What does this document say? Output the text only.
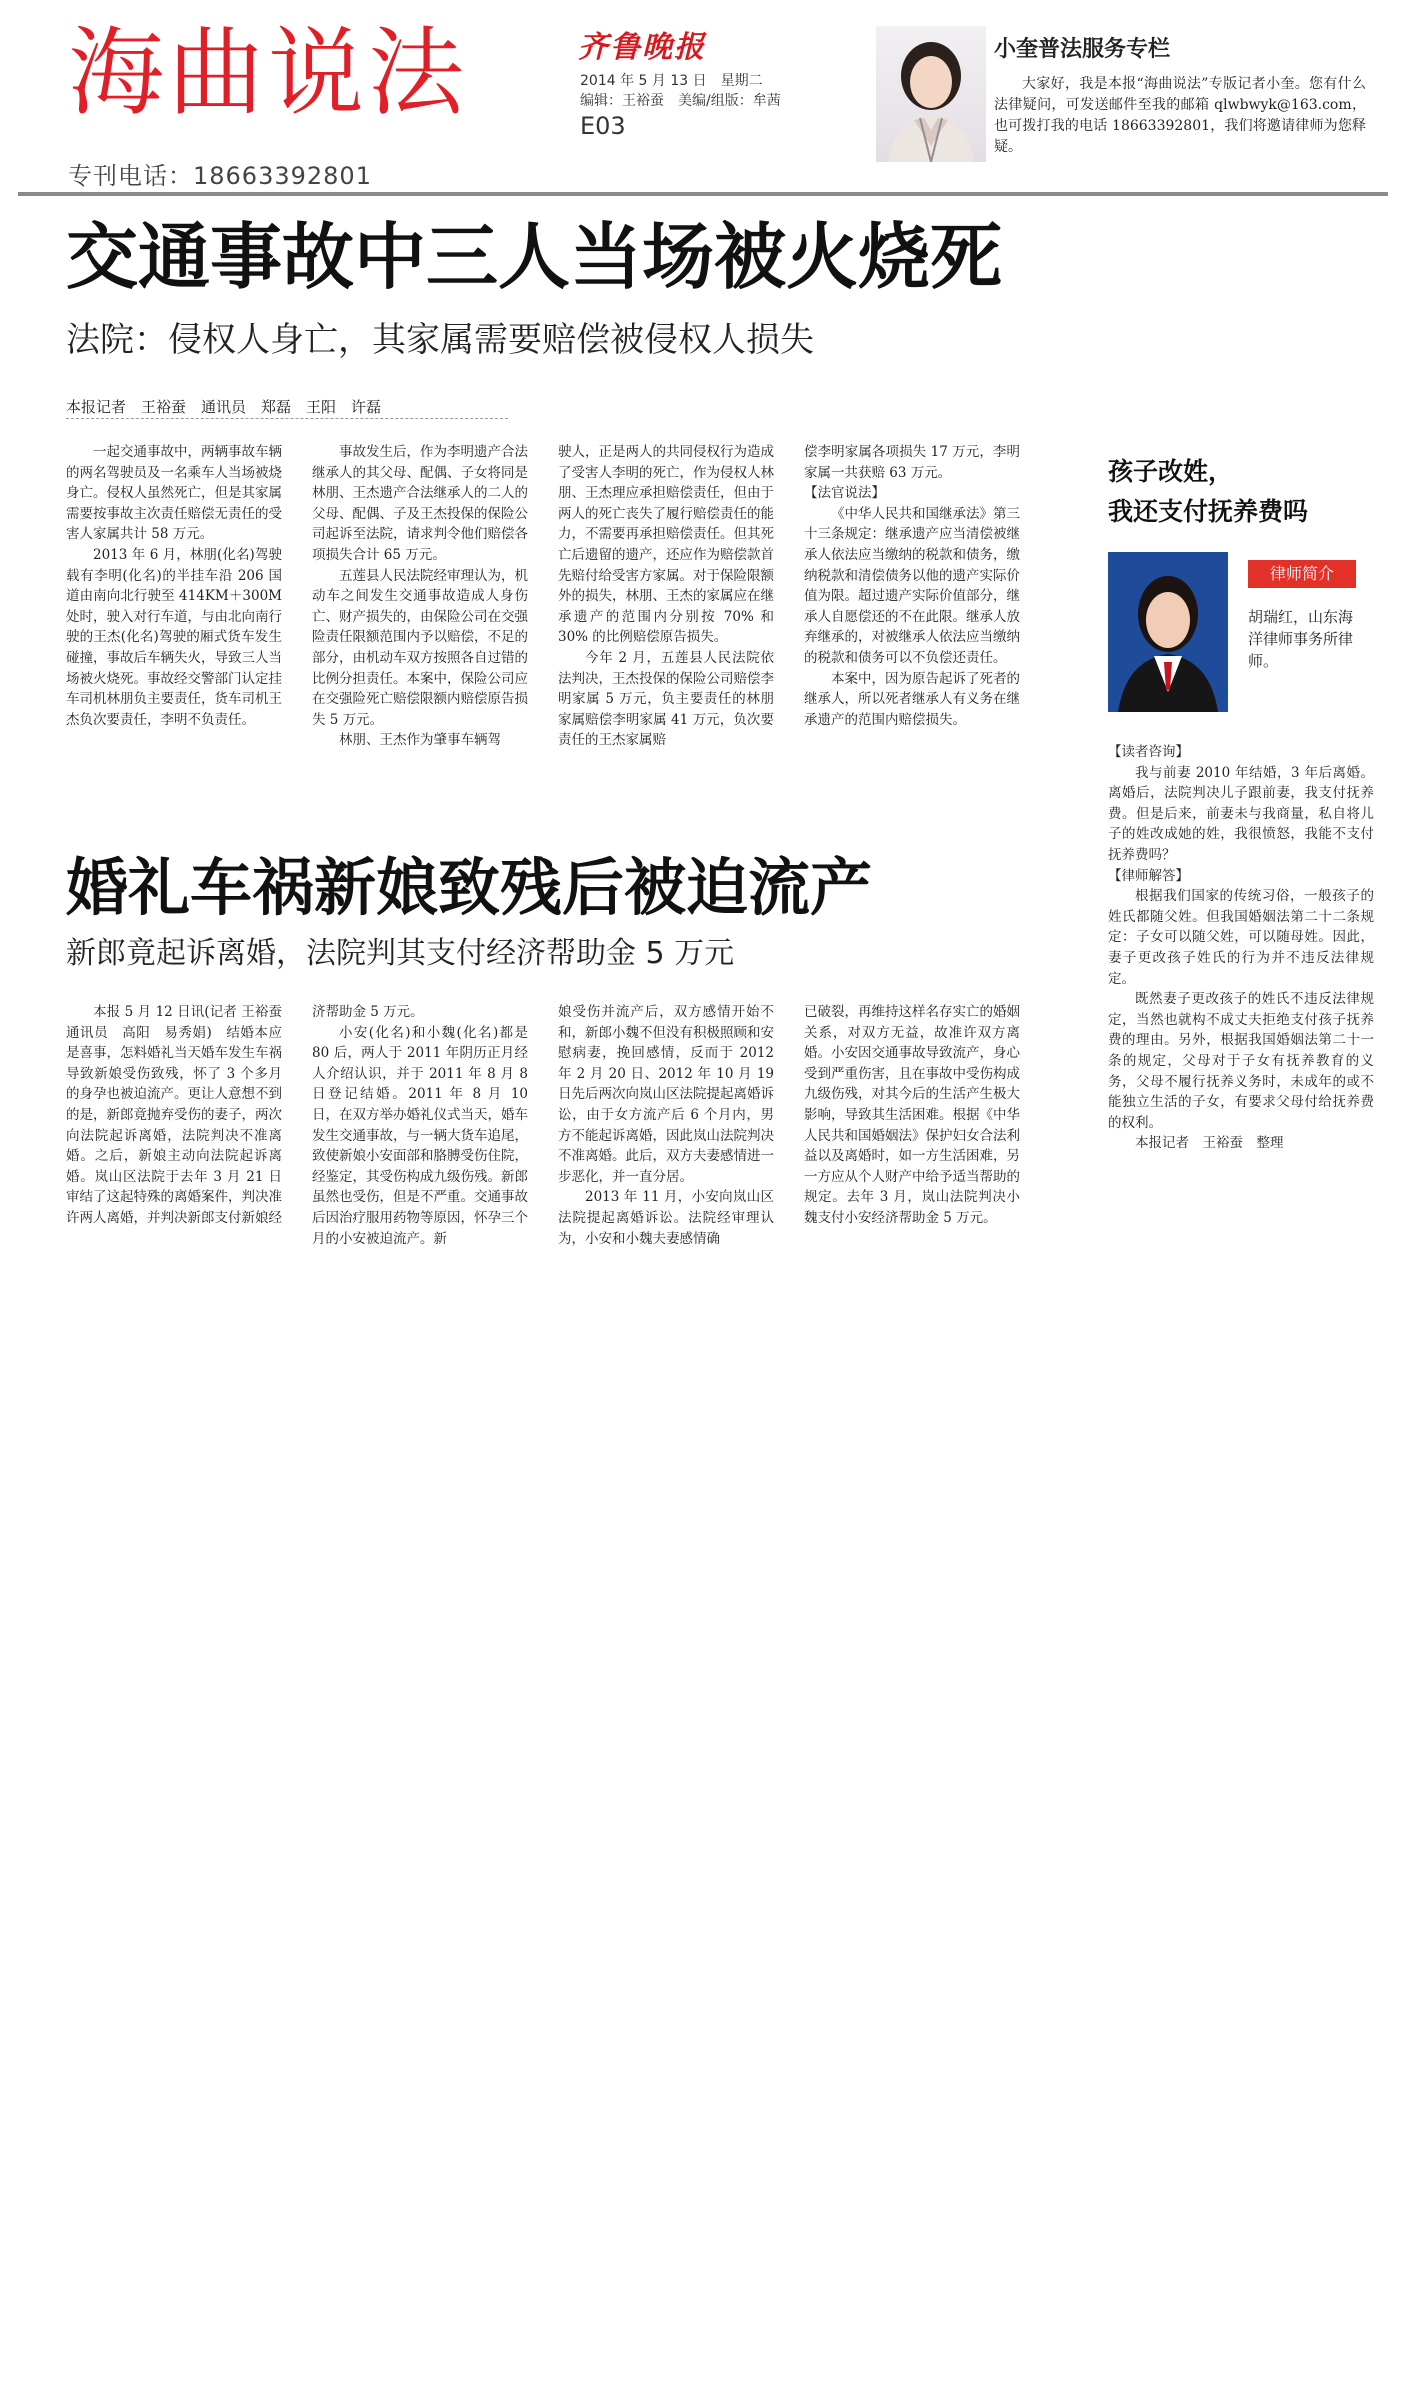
海曲说法
专刊电话：18663392801
齐鲁晚报
2014 年 5 月 13 日　星期二
编辑：王裕蚕　美编/组版：牟茜
E03
小奎普法服务专栏
大家好，我是本报“海曲说法”专版记者小奎。您有什么法律疑问，可发送邮件至我的邮箱 qlwbwyk@163.com，也可拨打我的电话 18663392801，我们将邀请律师为您释疑。
交通事故中三人当场被火烧死
法院：侵权人身亡，其家属需要赔偿被侵权人损失
本报记者　王裕蚕　通讯员　郑磊　王阳　许磊

一起交通事故中，两辆事故车辆的两名驾驶员及一名乘车人当场被烧身亡。侵权人虽然死亡，但是其家属需要按事故主次责任赔偿无责任的受害人家属共计 58 万元。

2013 年 6 月，林朋(化名)驾驶载有李明(化名)的半挂车沿 206 国道由南向北行驶至 414KM＋300M 处时，驶入对行车道，与由北向南行驶的王杰(化名)驾驶的厢式货车发生碰撞，事故后车辆失火，导致三人当场被火烧死。事故经交警部门认定挂车司机林朋负主要责任，货车司机王杰负次要责任，李明不负责任。

事故发生后，作为李明遗产合法继承人的其父母、配偶、子女将同是林朋、王杰遗产合法继承人的二人的父母、配偶、子及王杰投保的保险公司起诉至法院，请求判令他们赔偿各项损失合计 65 万元。

五莲县人民法院经审理认为，机动车之间发生交通事故造成人身伤亡、财产损失的，由保险公司在交强险责任限额范围内予以赔偿，不足的部分，由机动车双方按照各自过错的比例分担责任。本案中，保险公司应在交强险死亡赔偿限额内赔偿原告损失 5 万元。

林朋、王杰作为肇事车辆驾

驶人，正是两人的共同侵权行为造成了受害人李明的死亡，作为侵权人林朋、王杰理应承担赔偿责任，但由于两人的死亡丧失了履行赔偿责任的能力，不需要再承担赔偿责任。但其死亡后遗留的遗产，还应作为赔偿款首先赔付给受害方家属。对于保险限额外的损失，林朋、王杰的家属应在继承遗产的范围内分别按 70% 和 30% 的比例赔偿原告损失。

今年 2 月，五莲县人民法院依法判决，王杰投保的保险公司赔偿李明家属 5 万元，负主要责任的林朋家属赔偿李明家属 41 万元，负次要责任的王杰家属赔

偿李明家属各项损失 17 万元，李明家属一共获赔 63 万元。

【法官说法】

《中华人民共和国继承法》第三十三条规定：继承遗产应当清偿被继承人依法应当缴纳的税款和债务，缴纳税款和清偿债务以他的遗产实际价值为限。超过遗产实际价值部分，继承人自愿偿还的不在此限。继承人放弃继承的，对被继承人依法应当缴纳的税款和债务可以不负偿还责任。

本案中，因为原告起诉了死者的继承人，所以死者继承人有义务在继承遗产的范围内赔偿损失。

婚礼车祸新娘致残后被迫流产
新郎竟起诉离婚，法院判其支付经济帮助金 5 万元

本报 5 月 12 日讯(记者 王裕蚕　通讯员　高阳　易秀娟)　结婚本应是喜事，怎料婚礼当天婚车发生车祸导致新娘受伤致残，怀了 3 个多月的身孕也被迫流产。更让人意想不到的是，新郎竟抛弃受伤的妻子，两次向法院起诉离婚，法院判决不准离婚。之后，新娘主动向法院起诉离婚。岚山区法院于去年 3 月 21 日审结了这起特殊的离婚案件，判决准许两人离婚，并判决新郎支付新娘经

济帮助金 5 万元。

小安(化名)和小魏(化名)都是 80 后，两人于 2011 年阴历正月经人介绍认识，并于 2011 年 8 月 8 日登记结婚。2011 年 8 月 10 日，在双方举办婚礼仪式当天，婚车发生交通事故，与一辆大货车追尾，致使新娘小安面部和胳膊受伤住院，经鉴定，其受伤构成九级伤残。新郎虽然也受伤，但是不严重。交通事故后因治疗服用药物等原因，怀孕三个月的小安被迫流产。新

娘受伤并流产后，双方感情开始不和，新郎小魏不但没有积极照顾和安慰病妻，挽回感情，反而于 2012 年 2 月 20 日、2012 年 10 月 19 日先后两次向岚山区法院提起离婚诉讼，由于女方流产后 6 个月内，男方不能起诉离婚，因此岚山法院判决不准离婚。此后，双方夫妻感情进一步恶化，并一直分居。

2013 年 11 月，小安向岚山区法院提起离婚诉讼。法院经审理认为，小安和小魏夫妻感情确

已破裂，再维持这样名存实亡的婚姻关系，对双方无益，故准许双方离婚。小安因交通事故导致流产，身心受到严重伤害，且在事故中受伤构成九级伤残，对其今后的生活产生极大影响，导致其生活困难。根据《中华人民共和国婚姻法》保护妇女合法利益以及离婚时，如一方生活困难，另一方应从个人财产中给予适当帮助的规定。去年 3 月，岚山法院判决小魏支付小安经济帮助金 5 万元。

孩子改姓，
我还支付抚养费吗
律师简介
胡瑞红，山东海洋律师事务所律师。

【读者咨询】

我与前妻 2010 年结婚，3 年后离婚。离婚后，法院判决儿子跟前妻，我支付抚养费。但是后来，前妻未与我商量，私自将儿子的姓改成她的姓，我很愤怒，我能不支付抚养费吗？

【律师解答】

根据我们国家的传统习俗，一般孩子的姓氏都随父姓。但我国婚姻法第二十二条规定：子女可以随父姓，可以随母姓。因此，妻子更改孩子姓氏的行为并不违反法律规定。

既然妻子更改孩子的姓氏不违反法律规定，当然也就构不成丈夫拒绝支付孩子抚养费的理由。另外，根据我国婚姻法第二十一条的规定，父母对于子女有抚养教育的义务，父母不履行抚养义务时，未成年的或不能独立生活的子女，有要求父母付给抚养费的权利。

本报记者　王裕蚕　整理
